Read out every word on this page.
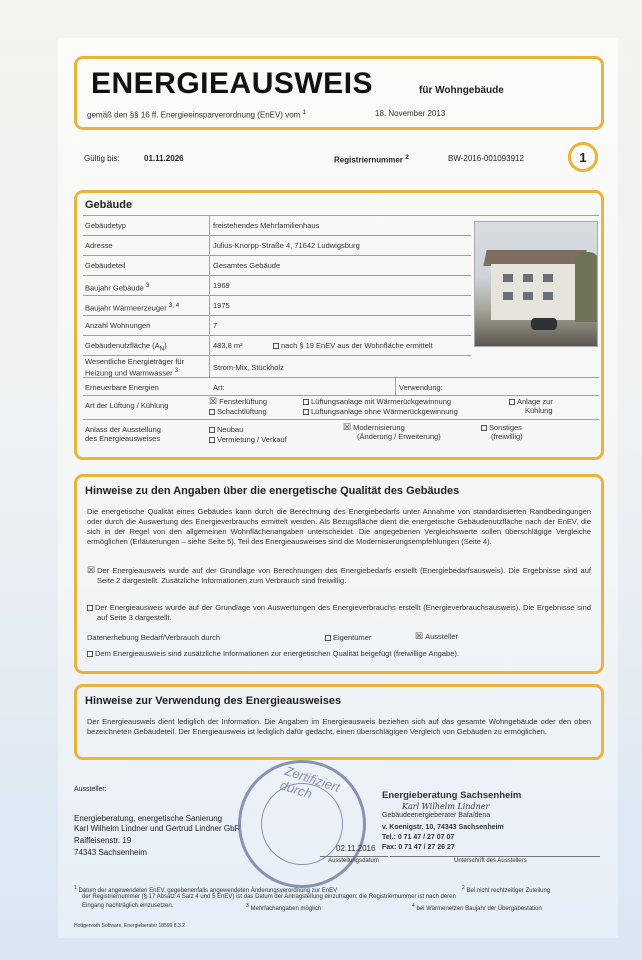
ENERGIEAUSWEIS	für Wohngebäude
gemäß den §§ 16 ff. Energieeinsparverordnung (EnEV) vom $^1$	18. November 2013
Gültig bis:	01.11.2026	Registriernummer $^2$	BW-2016-001093912	1
Gebäude
Gebäudetyp	freistehendes Mehrfamilienhaus
Adresse	Julius-Knorpp-Straße 4, 71642 Ludwigsburg
Gebäudeteil	Gesamtes Gebäude
Baujahr Gebäude $^3$	1969
Baujahr Wärmeerzeuger $^{3, 4}$	1975
Anzahl Wohnungen	7
Gebäudenutzfläche $(A_N)$	483,8 m²	nach § 19 EnEV aus der Wohnfläche ermittelt
Wesentliche Energieträger für
Heizung und Warmwasser $^3$	Strom-Mix, Stückholz
Erneuerbare Energien	Art:	Verwendung:
Art der Lüftung / Kühlung	☒ Fensterlüftung
Schachtlüftung
Lüftungsanlage mit Wärmerückgewinnung
Lüftungsanlage ohne Wärmerückgewinnung
Anlage zur
Kühlung
Anlass der Ausstellung
des Energieausweises
Neubau
Vermietung / Verkauf
☒ Modernisierung
(Änderung / Erweiterung)
Sonstiges
(freiwillig)
Hinweise zu den Angaben über die energetische Qualität des Gebäudes
Die energetische Qualität eines Gebäudes kann durch die Berechnung des Energiebedarfs unter Annahme von standardisierten Randbedingungen oder durch die Auswertung des Energieverbrauchs ermittelt werden. Als Bezugsfläche dient die energetische Gebäudenutzfläche nach der EnEV, die sich in der Regel von den allgemeinen Wohnflächenangaben unterscheidet. Die angegebenen Vergleichswerte sollen überschlägige Vergleiche ermöglichen (Erläuterungen – siehe Seite 5). Teil des Energieausweises sind die Modernisierungsempfehlungen (Seite 4).
☒ Der Energieausweis wurde auf der Grundlage von Berechnungen des Energiebedarfs erstellt (Energiebedarfsausweis). Die Ergebnisse sind auf Seite 2 dargestellt. Zusätzliche Informationen zum Verbrauch sind freiwillig.
Der Energieausweis wurde auf der Grundlage von Auswertungen des Energieverbrauchs erstellt (Energieverbrauchsausweis). Die Ergebnisse sind auf Seite 3 dargestellt.
Datenerhebung Bedarf/Verbrauch durch	Eigentümer	☒ Aussteller
Dem Energieausweis sind zusätzliche Informationen zur energetischen Qualität beigefügt (freiwillige Angabe).
Hinweise zur Verwendung des Energieausweises
Der Energieausweis dient lediglich der Information. Die Angaben im Energieausweis beziehen sich auf das gesamte Wohngebäude oder den oben bezeichneten Gebäudeteil. Der Energieausweis ist lediglich dafür gedacht, einen überschlägigen Vergleich von Gebäuden zu ermöglichen.
Aussteller:
Energieberatung, energetische Sanierung
Karl Wilhelm Lindner und Gertrud Lindner GbR
Raiffeisenstr. 19
74343 Sachsenheim
Zertifiziert durch	Energieberatung Sachsenheim
Karl Wilhelm Lindner
Gebäudeenergieberater Bafa/dena
v. Koenigstr. 10, 74343 Sachsenheim
Tel.: 0 71 47 / 27 07 07
Fax: 0 71 47 / 27 26 27
02.11.2016
Ausstellungsdatum	Unterschrift des Ausstellers
$^1$ Datum der angewendeten EnEV, gegebenenfalls angewendeten Änderungsverordnung zur EnEV
der Registriernummer (§ 17 Absatz 4 Satz 4 und 5 EnEV) ist das Datum der Antragstellung einzutragen; die Registriernummer ist nach deren
Eingang nachträglich einzusetzen.
$^2$ Bei nicht rechtzeitiger Zuteilung
$^3$ Mehrfachangaben möglich	$^4$ bei Wärmenetzen Baujahr der Übergabestation
Hottgenroth Software, Energieberater 18599 8.3.2
